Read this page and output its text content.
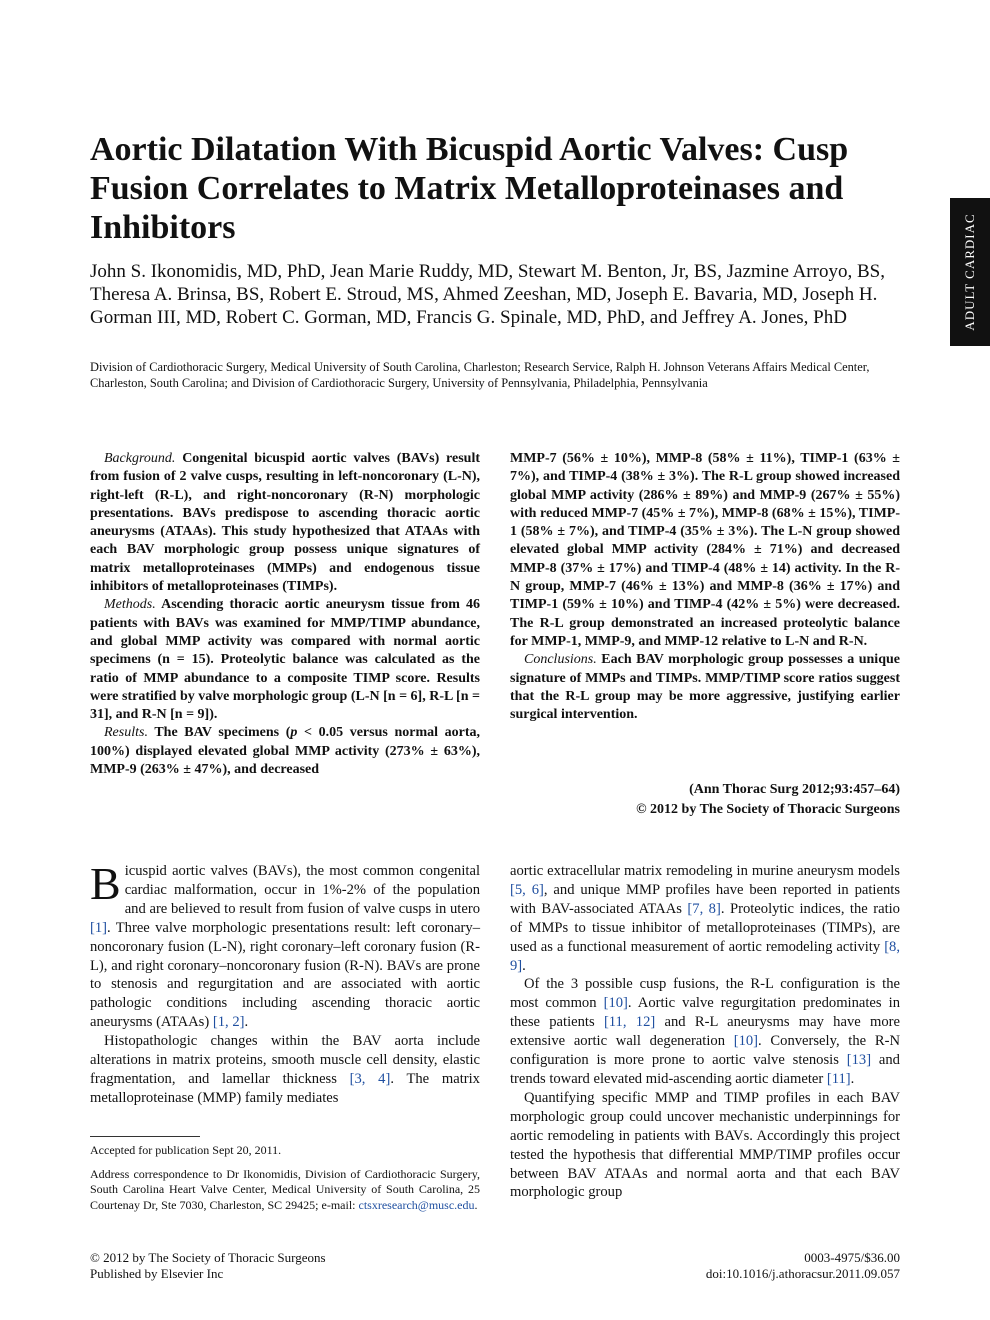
ADULT CARDIAC
Aortic Dilatation With Bicuspid Aortic Valves: Cusp Fusion Correlates to Matrix Metalloproteinases and Inhibitors
John S. Ikonomidis, MD, PhD, Jean Marie Ruddy, MD, Stewart M. Benton, Jr, BS, Jazmine Arroyo, BS, Theresa A. Brinsa, BS, Robert E. Stroud, MS, Ahmed Zeeshan, MD, Joseph E. Bavaria, MD, Joseph H. Gorman III, MD, Robert C. Gorman, MD, Francis G. Spinale, MD, PhD, and Jeffrey A. Jones, PhD
Division of Cardiothoracic Surgery, Medical University of South Carolina, Charleston; Research Service, Ralph H. Johnson Veterans Affairs Medical Center, Charleston, South Carolina; and Division of Cardiothoracic Surgery, University of Pennsylvania, Philadelphia, Pennsylvania

Background. Congenital bicuspid aortic valves (BAVs) result from fusion of 2 valve cusps, resulting in left-noncoronary (L-N), right-left (R-L), and right-noncoronary (R-N) morphologic presentations. BAVs predispose to ascending thoracic aortic aneurysms (ATAAs). This study hypothesized that ATAAs with each BAV morphologic group possess unique signatures of matrix metalloproteinases (MMPs) and endogenous tissue inhibitors of metalloproteinases (TIMPs).

Methods. Ascending thoracic aortic aneurysm tissue from 46 patients with BAVs was examined for MMP/TIMP abundance, and global MMP activity was compared with normal aortic specimens (n = 15). Proteolytic balance was calculated as the ratio of MMP abundance to a composite TIMP score. Results were stratified by valve morphologic group (L-N [n = 6], R-L [n = 31], and R-N [n = 9]).

Results. The BAV specimens (p < 0.05 versus normal aorta, 100%) displayed elevated global MMP activity (273% ± 63%), MMP-9 (263% ± 47%), and decreased

MMP-7 (56% ± 10%), MMP-8 (58% ± 11%), TIMP-1 (63% ± 7%), and TIMP-4 (38% ± 3%). The R-L group showed increased global MMP activity (286% ± 89%) and MMP-9 (267% ± 55%) with reduced MMP-7 (45% ± 7%), MMP-8 (68% ± 15%), TIMP-1 (58% ± 7%), and TIMP-4 (35% ± 3%). The L-N group showed elevated global MMP activity (284% ± 71%) and decreased MMP-8 (37% ± 17%) and TIMP-4 (48% ± 14) activity. In the R-N group, MMP-7 (46% ± 13%) and MMP-8 (36% ± 17%) and TIMP-1 (59% ± 10%) and TIMP-4 (42% ± 5%) were decreased. The R-L group demonstrated an increased proteolytic balance for MMP-1, MMP-9, and MMP-12 relative to L-N and R-N.

Conclusions. Each BAV morphologic group possesses a unique signature of MMPs and TIMPs. MMP/TIMP score ratios suggest that the R-L group may be more aggressive, justifying earlier surgical intervention.

(Ann Thorac Surg 2012;93:457–64)
© 2012 by The Society of Thoracic Surgeons

Bicuspid aortic valves (BAVs), the most common congenital cardiac malformation, occur in 1%-2% of the population and are believed to result from fusion of valve cusps in utero [1]. Three valve morphologic presentations result: left coronary–noncoronary fusion (L-N), right coronary–left coronary fusion (R-L), and right coronary–noncoronary fusion (R-N). BAVs are prone to stenosis and regurgitation and are associated with aortic pathologic conditions including ascending thoracic aortic aneurysms (ATAAs) [1, 2].

Histopathologic changes within the BAV aorta include alterations in matrix proteins, smooth muscle cell density, elastic fragmentation, and lamellar thickness [3, 4]. The matrix metalloproteinase (MMP) family mediates

aortic extracellular matrix remodeling in murine aneurysm models [5, 6], and unique MMP profiles have been reported in patients with BAV-associated ATAAs [7, 8]. Proteolytic indices, the ratio of MMPs to tissue inhibitor of metalloproteinases (TIMPs), are used as a functional measurement of aortic remodeling activity [8, 9].

Of the 3 possible cusp fusions, the R-L configuration is the most common [10]. Aortic valve regurgitation predominates in these patients [11, 12] and R-L aneurysms may have more extensive aortic wall degeneration [10]. Conversely, the R-N configuration is more prone to aortic valve stenosis [13] and trends toward elevated mid-ascending aortic diameter [11].

Quantifying specific MMP and TIMP profiles in each BAV morphologic group could uncover mechanistic underpinnings for aortic remodeling in patients with BAVs. Accordingly this project tested the hypothesis that differential MMP/TIMP profiles occur between BAV ATAAs and normal aorta and that each BAV morphologic group

Accepted for publication Sept 20, 2011.

Address correspondence to Dr Ikonomidis, Division of Cardiothoracic Surgery, South Carolina Heart Valve Center, Medical University of South Carolina, 25 Courtenay Dr, Ste 7030, Charleston, SC 29425; e-mail: ctsxresearch@musc.edu.

© 2012 by The Society of Thoracic Surgeons
Published by Elsevier Inc
0003-4975/$36.00
doi:10.1016/j.athoracsur.2011.09.057
